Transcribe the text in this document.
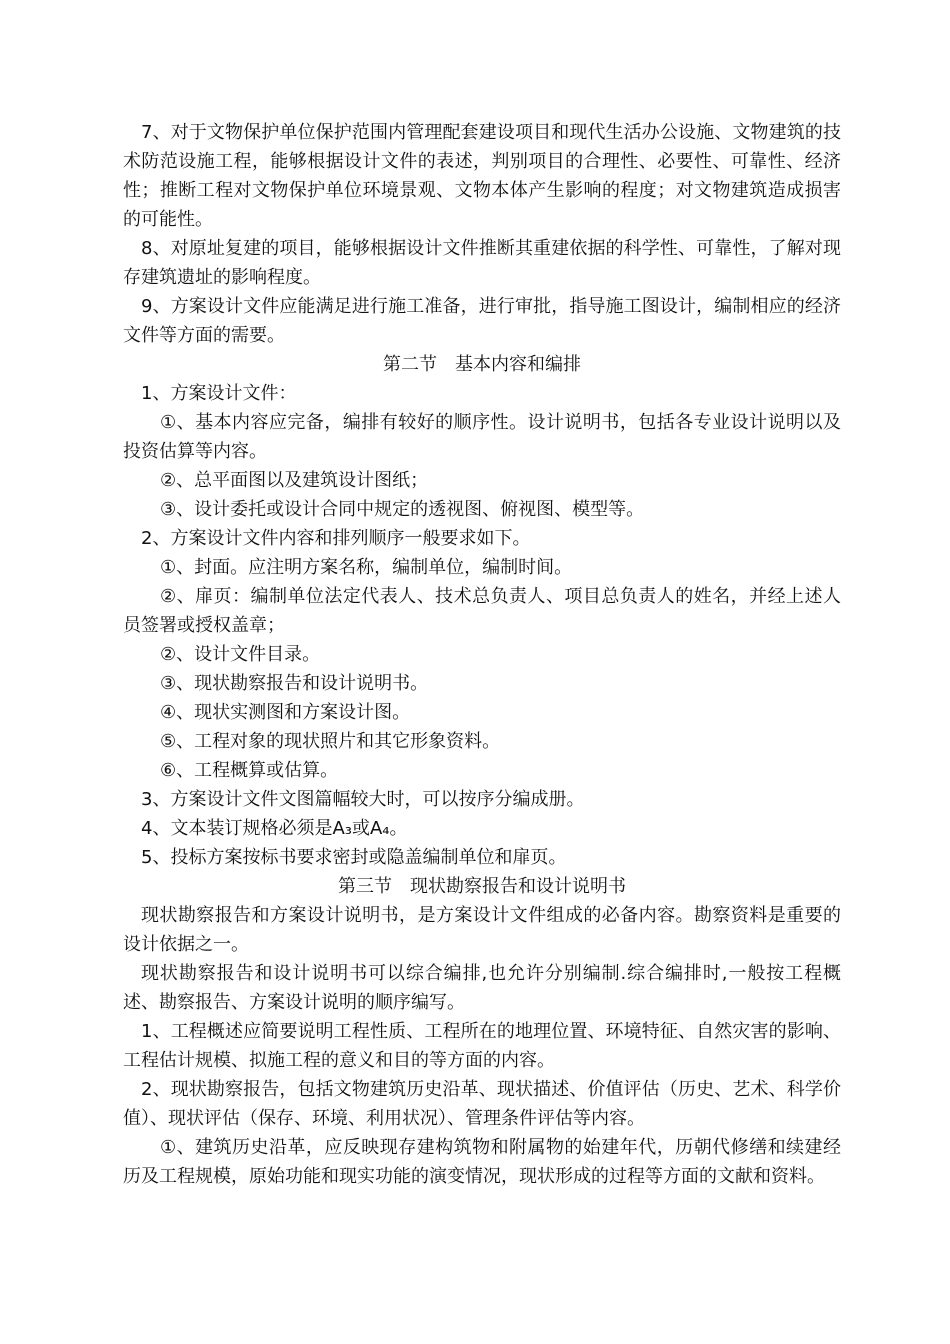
7、对于文物保护单位保护范围内管理配套建设项目和现代生活办公设施、文物建筑的技术防范设施工程，能够根据设计文件的表述，判别项目的合理性、必要性、可靠性、经济性；推断工程对文物保护单位环境景观、文物本体产生影响的程度；对文物建筑造成损害的可能性。

8、对原址复建的项目，能够根据设计文件推断其重建依据的科学性、可靠性，了解对现存建筑遗址的影响程度。

9、方案设计文件应能满足进行施工准备，进行审批，指导施工图设计，编制相应的经济文件等方面的需要。

第二节　基本内容和编排

1、方案设计文件：

①、基本内容应完备，编排有较好的顺序性。设计说明书，包括各专业设计说明以及投资估算等内容。

②、总平面图以及建筑设计图纸；

③、设计委托或设计合同中规定的透视图、俯视图、模型等。

2、方案设计文件内容和排列顺序一般要求如下。

①、封面。应注明方案名称，编制单位，编制时间。

②、扉页：编制单位法定代表人、技术总负责人、项目总负责人的姓名，并经上述人员签署或授权盖章；

②、设计文件目录。

③、现状勘察报告和设计说明书。

④、现状实测图和方案设计图。

⑤、工程对象的现状照片和其它形象资料。

⑥、工程概算或估算。

3、方案设计文件文图篇幅较大时，可以按序分编成册。

4、文本装订规格必须是A₃或A₄。

5、投标方案按标书要求密封或隐盖编制单位和扉页。

第三节　现状勘察报告和设计说明书

现状勘察报告和方案设计说明书，是方案设计文件组成的必备内容。勘察资料是重要的设计依据之一。

现状勘察报告和设计说明书可以综合编排,也允许分别编制.综合编排时,一般按工程概述、勘察报告、方案设计说明的顺序编写。

1、工程概述应简要说明工程性质、工程所在的地理位置、环境特征、自然灾害的影响、工程估计规模、拟施工程的意义和目的等方面的内容。

2、现状勘察报告，包括文物建筑历史沿革、现状描述、价值评估（历史、艺术、科学价值）、现状评估（保存、环境、利用状况）、管理条件评估等内容。

①、建筑历史沿革，应反映现存建构筑物和附属物的始建年代，历朝代修缮和续建经历及工程规模，原始功能和现实功能的演变情况，现状形成的过程等方面的文献和资料。
